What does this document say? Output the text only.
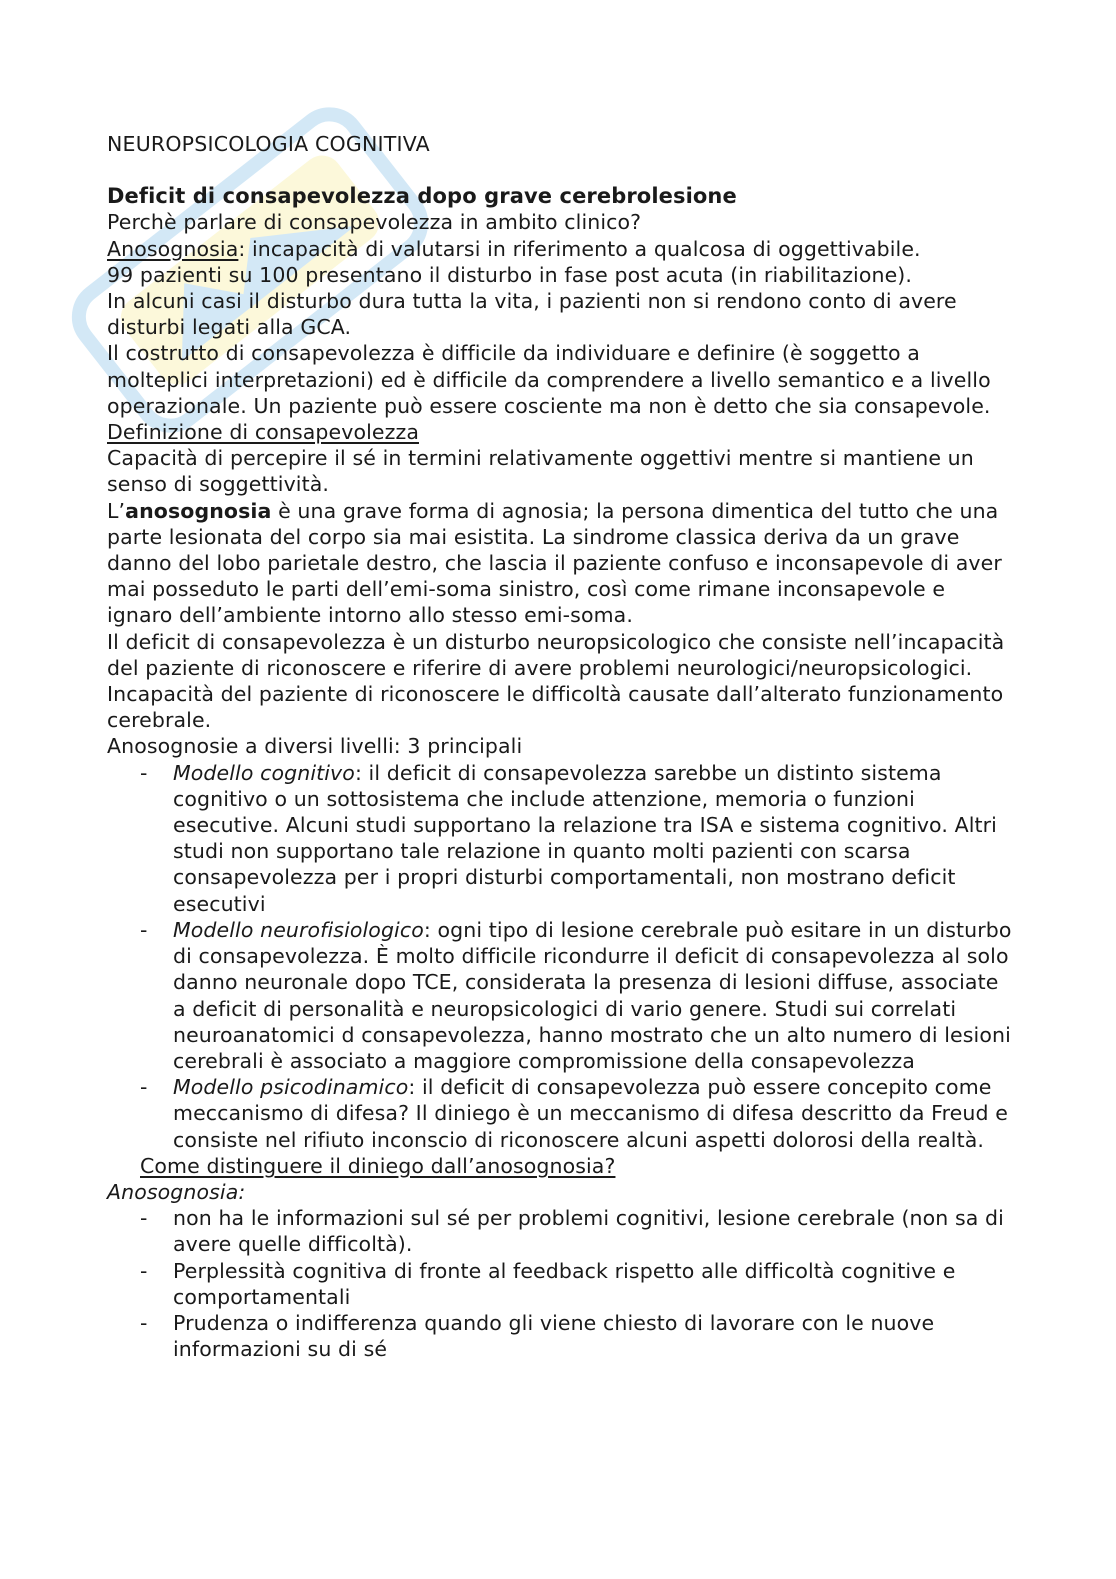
NEUROPSICOLOGIA COGNITIVA

Deficit di consapevolezza dopo grave cerebrolesione

Perchè parlare di consapevolezza in ambito clinico?

Anosognosia: incapacità di valutarsi in riferimento a qualcosa di oggettivabile.

99 pazienti su 100 presentano il disturbo in fase post acuta (in riabilitazione).

In alcuni casi il disturbo dura tutta la vita, i pazienti non si rendono conto di avere disturbi legati alla GCA.

Il costrutto di consapevolezza è difficile da individuare e definire (è soggetto a molteplici interpretazioni) ed è difficile da comprendere a livello semantico e a livello operazionale. Un paziente può essere cosciente ma non è detto che sia consapevole.

Definizione di consapevolezza

Capacità di percepire il sé in termini relativamente oggettivi mentre si mantiene un senso di soggettività.

L’anosognosia è una grave forma di agnosia; la persona dimentica del tutto che una parte lesionata del corpo sia mai esistita. La sindrome classica deriva da un grave danno del lobo parietale destro, che lascia il paziente confuso e inconsapevole di aver mai posseduto le parti dell’emi-soma sinistro, così come rimane inconsapevole e ignaro dell’ambiente intorno allo stesso emi-soma.

Il deficit di consapevolezza è un disturbo neuropsicologico che consiste nell’incapacità del paziente di riconoscere e riferire di avere problemi neurologici/neuropsicologici.

Incapacità del paziente di riconoscere le difficoltà causate dall’alterato funzionamento cerebrale.

Anosognosie a diversi livelli: 3 principali

- Modello cognitivo: il deficit di consapevolezza sarebbe un distinto sistema cognitivo o un sottosistema che include attenzione, memoria o funzioni esecutive. Alcuni studi supportano la relazione tra ISA e sistema cognitivo. Altri studi non supportano tale relazione in quanto molti pazienti con scarsa consapevolezza per i propri disturbi comportamentali, non mostrano deficit esecutivi
- Modello neurofisiologico: ogni tipo di lesione cerebrale può esitare in un disturbo di consapevolezza. È molto difficile ricondurre il deficit di consapevolezza al solo danno neuronale dopo TCE, considerata la presenza di lesioni diffuse, associate a deficit di personalità e neuropsicologici di vario genere. Studi sui correlati neuroanatomici d consapevolezza, hanno mostrato che un alto numero di lesioni cerebrali è associato a maggiore compromissione della consapevolezza
- Modello psicodinamico: il deficit di consapevolezza può essere concepito come meccanismo di difesa? Il diniego è un meccanismo di difesa descritto da Freud e consiste nel rifiuto inconscio di riconoscere alcuni aspetti dolorosi della realtà.

Come distinguere il diniego dall’anosognosia?

Anosognosia:

- non ha le informazioni sul sé per problemi cognitivi, lesione cerebrale (non sa di avere quelle difficoltà).
- Perplessità cognitiva di fronte al feedback rispetto alle difficoltà cognitive e comportamentali
- Prudenza o indifferenza quando gli viene chiesto di lavorare con le nuove informazioni su di sé
